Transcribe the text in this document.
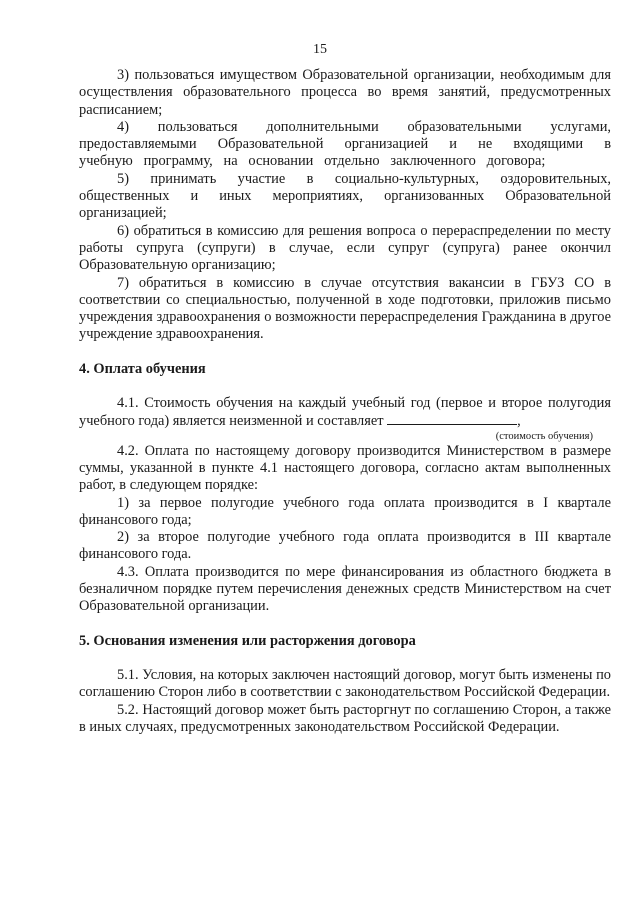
15

3) пользоваться имуществом Образовательной организации, необходимым для осуществления образовательного процесса во время занятий, предусмотренных расписанием;

4) пользоваться дополнительными образовательными услугами, предоставляемыми Образовательной организацией и не входящими в учебную программу, на основании отдельно заключенного договора;

5) принимать участие в социально-культурных, оздоровительных, общественных и иных мероприятиях, организованных Образовательной организацией;

6) обратиться в комиссию для решения вопроса о перераспределении по месту работы супруга (супруги) в случае, если супруг (супруга) ранее окончил Образовательную организацию;

7) обратиться в комиссию в случае отсутствия вакансии в ГБУЗ СО в соответствии со специальностью, полученной в ходе подготовки, приложив письмо учреждения здравоохранения о возможности перераспределения Гражданина в другое учреждение здравоохранения.

4. Оплата обучения

4.1. Стоимость обучения на каждый учебный год (первое и второе полугодия учебного года) является неизменной и составляет	,

(стоимость обучения)

4.2. Оплата по настоящему договору производится Министерством в размере суммы, указанной в пункте 4.1 настоящего договора, согласно актам выполненных работ, в следующем порядке:

1) за первое полугодие учебного года оплата производится в I квартале финансового года;

2) за второе полугодие учебного года оплата производится в III квартале финансового года.

4.3. Оплата производится по мере финансирования из областного бюджета в безналичном порядке путем перечисления денежных средств Министерством на счет Образовательной организации.

5. Основания изменения или расторжения договора

5.1. Условия, на которых заключен настоящий договор, могут быть изменены по соглашению Сторон либо в соответствии с законодательством Российской Федерации.

5.2. Настоящий договор может быть расторгнут по соглашению Сторон, а также в иных случаях, предусмотренных законодательством Российской Федерации.
